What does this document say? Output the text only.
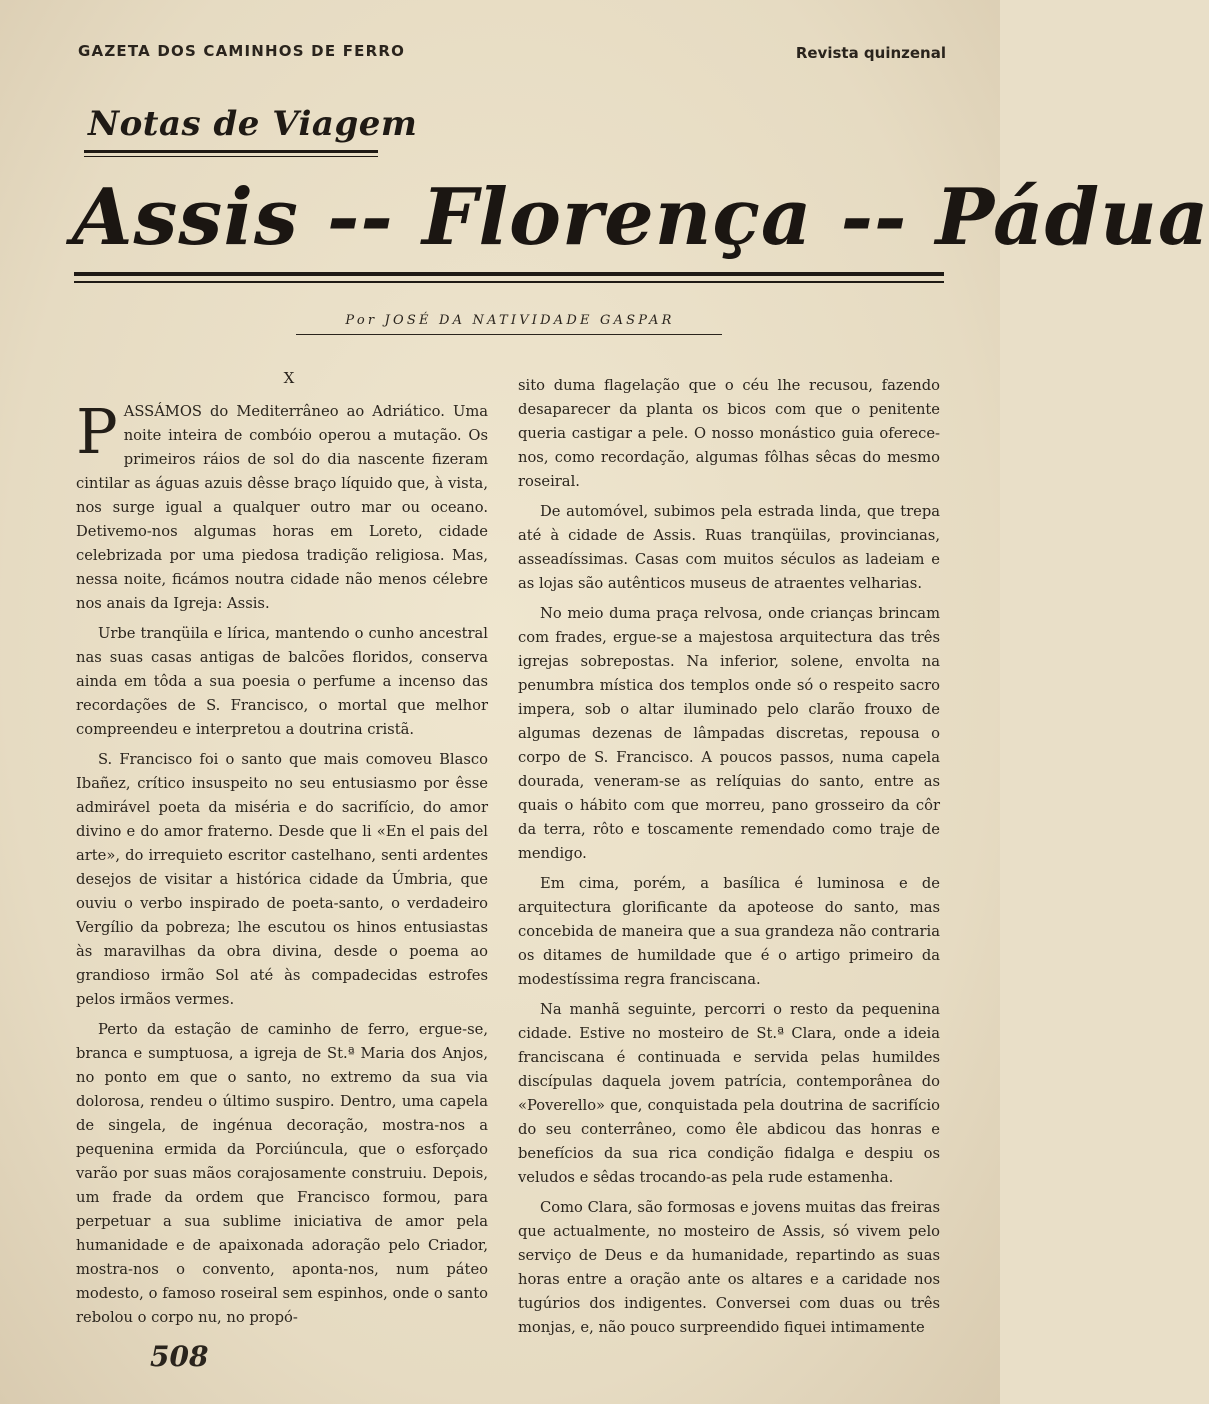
GAZETA DOS CAMINHOS DE FERRO	Revista quinzenal
Notas de Viagem
Assis -- Florença -- Pádua
Por JOSÉ DA NATIVIDADE GASPAR
X

PASSÁMOS do Mediterrâneo ao Adriático. Uma noite inteira de combóio operou a mutação. Os primeiros ráios de sol do dia nascente fizeram cintilar as águas azuis dêsse braço líquido que, à vista, nos surge igual a qualquer outro mar ou oceano. Detivemo-nos algumas horas em Loreto, cidade celebrizada por uma piedosa tradição religiosa. Mas, nessa noite, ficámos noutra cidade não menos célebre nos anais da Igreja: Assis.

Urbe tranqüila e lírica, mantendo o cunho ancestral nas suas casas antigas de balcões floridos, conserva ainda em tôda a sua poesia o perfume a incenso das recordações de S. Francisco, o mortal que melhor compreendeu e interpretou a doutrina cristã.

S. Francisco foi o santo que mais comoveu Blasco Ibañez, crítico insuspeito no seu entusiasmo por êsse admirável poeta da miséria e do sacrifício, do amor divino e do amor fraterno. Desde que li «En el pais del arte», do irrequieto escritor castelhano, senti ardentes desejos de visitar a histórica cidade da Úmbria, que ouviu o verbo inspirado de poeta-santo, o verdadeiro Vergílio da pobreza; lhe escutou os hinos entusiastas às maravilhas da obra divina, desde o poema ao grandioso irmão Sol até às compadecidas estrofes pelos irmãos vermes.

Perto da estação de caminho de ferro, ergue-se, branca e sumptuosa, a igreja de St.ª Maria dos Anjos, no ponto em que o santo, no extremo da sua via dolorosa, rendeu o último suspiro. Dentro, uma capela de singela, de ingénua decoração, mostra-nos a pequenina ermida da Porciúncula, que o esforçado varão por suas mãos corajosamente construiu. Depois, um frade da ordem que Francisco formou, para perpetuar a sua sublime iniciativa de amor pela humanidade e de apaixonada adoração pelo Criador, mostra-nos o convento, aponta-nos, num páteo modesto, o famoso roseiral sem espinhos, onde o santo rebolou o corpo nu, no propó-

sito duma flagelação que o céu lhe recusou, fazendo desaparecer da planta os bicos com que o penitente queria castigar a pele. O nosso monástico guia oferece-nos, como recordação, algumas fôlhas sêcas do mesmo roseiral.

De automóvel, subimos pela estrada linda, que trepa até à cidade de Assis. Ruas tranqüilas, provincianas, asseadíssimas. Casas com muitos séculos as ladeiam e as lojas são autênticos museus de atraentes velharias.

No meio duma praça relvosa, onde crianças brincam com frades, ergue-se a majestosa arquitectura das três igrejas sobrepostas. Na inferior, solene, envolta na penumbra mística dos templos onde só o respeito sacro impera, sob o altar iluminado pelo clarão frouxo de algumas dezenas de lâmpadas discretas, repousa o corpo de S. Francisco. A poucos passos, numa capela dourada, veneram-se as relíquias do santo, entre as quais o hábito com que morreu, pano grosseiro da côr da terra, rôto e toscamente remendado como traje de mendigo.

Em cima, porém, a basílica é luminosa e de arquitectura glorificante da apoteose do santo, mas concebida de maneira que a sua grandeza não contraria os ditames de humildade que é o artigo primeiro da modestíssima regra franciscana.

Na manhã seguinte, percorri o resto da pequenina cidade. Estive no mosteiro de St.ª Clara, onde a ideia franciscana é continuada e servida pelas humildes discípulas daquela jovem patrícia, contemporânea do «Poverello» que, conquistada pela doutrina de sacrifício do seu conterrâneo, como êle abdicou das honras e benefícios da sua rica condição fidalga e despiu os veludos e sêdas trocando-as pela rude estamenha.

Como Clara, são formosas e jovens muitas das freiras que actualmente, no mosteiro de Assis, só vivem pelo serviço de Deus e da humanidade, repartindo as suas horas entre a oração ante os altares e a caridade nos tugúrios dos indigentes. Conversei com duas ou três monjas, e, não pouco surpreendido fiquei intimamente

508
